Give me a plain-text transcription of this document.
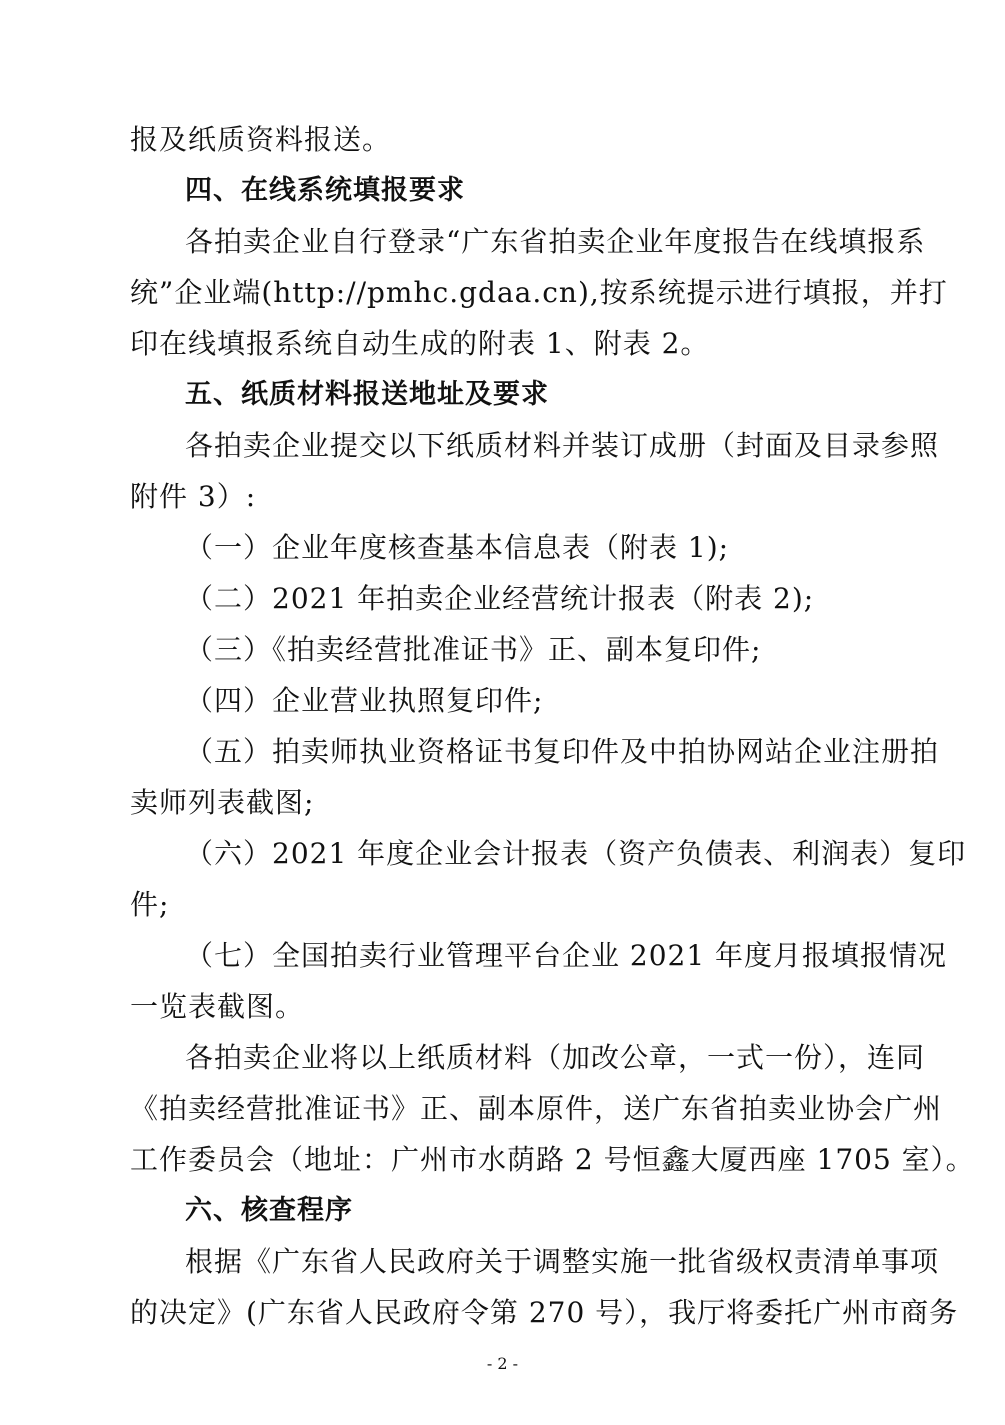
报及纸质资料报送。
四、在线系统填报要求
各拍卖企业自行登录“广东省拍卖企业年度报告在线填报系
统”企业端(http://pmhc.gdaa.cn),按系统提示进行填报，并打
印在线填报系统自动生成的附表 1、附表 2。
五、纸质材料报送地址及要求
各拍卖企业提交以下纸质材料并装订成册（封面及目录参照
附件 3）:
（一）企业年度核查基本信息表（附表 1);
（二）2021 年拍卖企业经营统计报表（附表 2);
（三）《拍卖经营批准证书》正、副本复印件;
（四）企业营业执照复印件;
（五）拍卖师执业资格证书复印件及中拍协网站企业注册拍
卖师列表截图;
（六）2021 年度企业会计报表（资产负债表、利润表）复印
件;
（七）全国拍卖行业管理平台企业 2021 年度月报填报情况
一览表截图。
各拍卖企业将以上纸质材料（加改公章，一式一份），连同
《拍卖经营批准证书》正、副本原件，送广东省拍卖业协会广州
工作委员会（地址：广州市水荫路 2 号恒鑫大厦西座 1705 室）。
六、核查程序
根据《广东省人民政府关于调整实施一批省级权责清单事项
的决定》(广东省人民政府令第 270 号），我厅将委托广州市商务
- 2 -
